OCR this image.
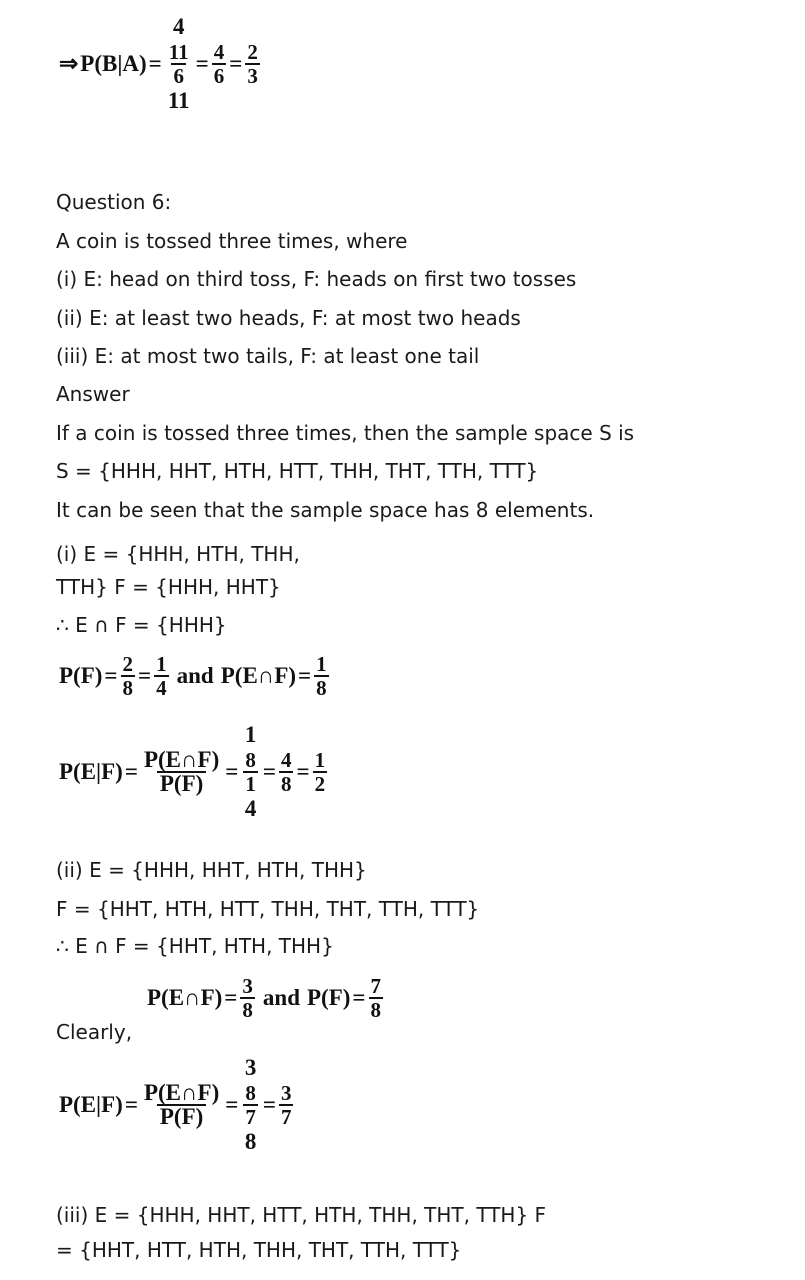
⇒P(B|A)=
4
$\frac{11}{6}$
11
= $\frac{4}{6} = \frac{2}{3}$
Question 6:
A coin is tossed three times, where
(i) E: head on third toss, F: heads on first two tosses
(ii) E: at least two heads, F: at most two heads
(iii) E: at most two tails, F: at least one tail
Answer
If a coin is tossed three times, then the sample space S is
S = {HHH, HHT, HTH, HTT, THH, THT, TTH, TTT}
It can be seen that the sample space has 8 elements.
(i) E = {HHH, HTH, THH,
TTH} F = {HHH, HHT}
∴ E ∩ F = {HHH}
$P(F)= \frac{2}{8} = \frac{1}{4}$ and P(E∩F)= $\frac{1}{8}$
$P(E|F)= \frac{P(E\cap F)}{P(F)}$ =
1
$\frac{8}{1}$
4
= $\frac{4}{8} = \frac{1}{2}$
(ii) E = {HHH, HHT, HTH, THH}
F = {HHT, HTH, HTT, THH, THT, TTH, TTT}
∴ E ∩ F = {HHT, HTH, THH}
P(E∩F)= $\frac{3}{8}$ and $P(F)= \frac{7}{8}$
Clearly,
$P(E|F)= \frac{P(E\cap F)}{P(F)}$ =
3
$\frac{8}{7}$
8
= $\frac{3}{7}$
(iii) E = {HHH, HHT, HTT, HTH, THH, THT, TTH} F
= {HHT, HTT, HTH, THH, THT, TTH, TTT}
